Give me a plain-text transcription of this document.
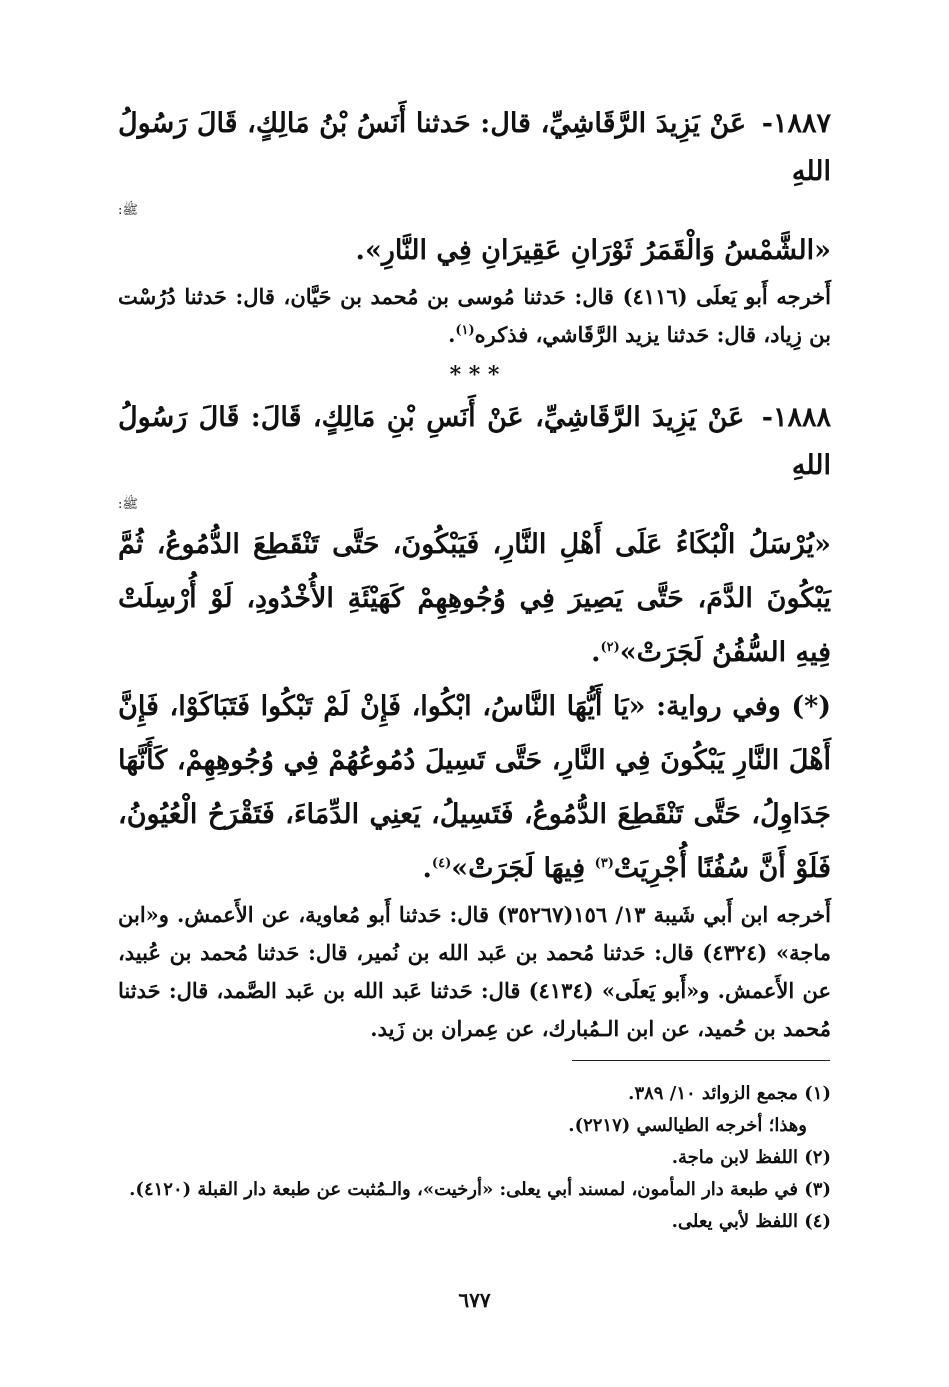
١٨٨٧- عَنْ يَزِيدَ الرَّقَاشِيِّ، قال: حَدثنا أَنَسُ بْنُ مَالِكٍ، قَالَ رَسُولُ اللهِ
ﷺ:

«الشَّمْسُ وَالْقَمَرُ ثَوْرَانِ عَقِيرَانِ فِي النَّارِ».

أَخرجه أَبو يَعلَى (٤١١٦) قال: حَدثنا مُوسى بن مُحمد بن حَيَّان، قال: حَدثنا دُرُسْت بن زِياد، قال: حَدثنا يزيد الرَّقَاشي، فذكره$^{(١)}$.

* * *

١٨٨٨- عَنْ يَزِيدَ الرَّقَاشِيِّ، عَنْ أَنَسِ بْنِ مَالِكٍ، قَالَ: قَالَ رَسُولُ اللهِ
ﷺ:

«يُرْسَلُ الْبُكَاءُ عَلَى أَهْلِ النَّارِ، فَيَبْكُونَ، حَتَّى تَنْقَطِعَ الدُّمُوعُ، ثُمَّ يَبْكُونَ الدَّمَ، حَتَّى يَصِيرَ فِي وُجُوهِهِمْ كَهَيْئَةِ الأُخْدُودِ، لَوْ أُرْسِلَتْ فِيهِ السُّفُنُ لَجَرَتْ»$^{(٢)}$.

(*) وفي رواية: «يَا أَيُّهَا النَّاسُ، ابْكُوا، فَإِنْ لَمْ تَبْكُوا فَتَبَاكَوْا، فَإِنَّ أَهْلَ النَّارِ يَبْكُونَ فِي النَّارِ، حَتَّى تَسِيلَ دُمُوعُهُمْ فِي وُجُوهِهِمْ، كَأَنَّهَا جَدَاوِلُ، حَتَّى تَنْقَطِعَ الدُّمُوعُ، فَتَسِيلُ، يَعنِي الدِّمَاءَ، فَتَقْرَحُ الْعُيُونُ، فَلَوْ أَنَّ سُفُنًا أُجْرِيَتْ$^{(٣)}$ فِيهَا لَجَرَتْ»$^{(٤)}$.

أَخرجه ابن أَبي شَيبة ١٣/ ١٥٦(٣٥٢٦٧) قال: حَدثنا أَبو مُعاوية، عن الأَعمش. و«ابن ماجة» (٤٣٢٤) قال: حَدثنا مُحمد بن عَبد الله بن نُمير، قال: حَدثنا مُحمد بن عُبيد، عن الأَعمش. و«أَبو يَعلَى» (٤١٣٤) قال: حَدثنا عَبد الله بن عَبد الصَّمد، قال: حَدثنا مُحمد بن حُميد، عن ابن الـمُبارك، عن عِمران بن زَيد.

(١) مجمع الزوائد ١٠/ ٣٨٩.

وهذا؛ أخرجه الطيالسي (٢٢١٧).

(٢) اللفظ لابن ماجة.

(٣) في طبعة دار المأمون، لمسند أبي يعلى: «أرخيت»، والـمُثبت عن طبعة دار القبلة (٤١٢٠).

(٤) اللفظ لأبي يعلى.

٦٧٧
